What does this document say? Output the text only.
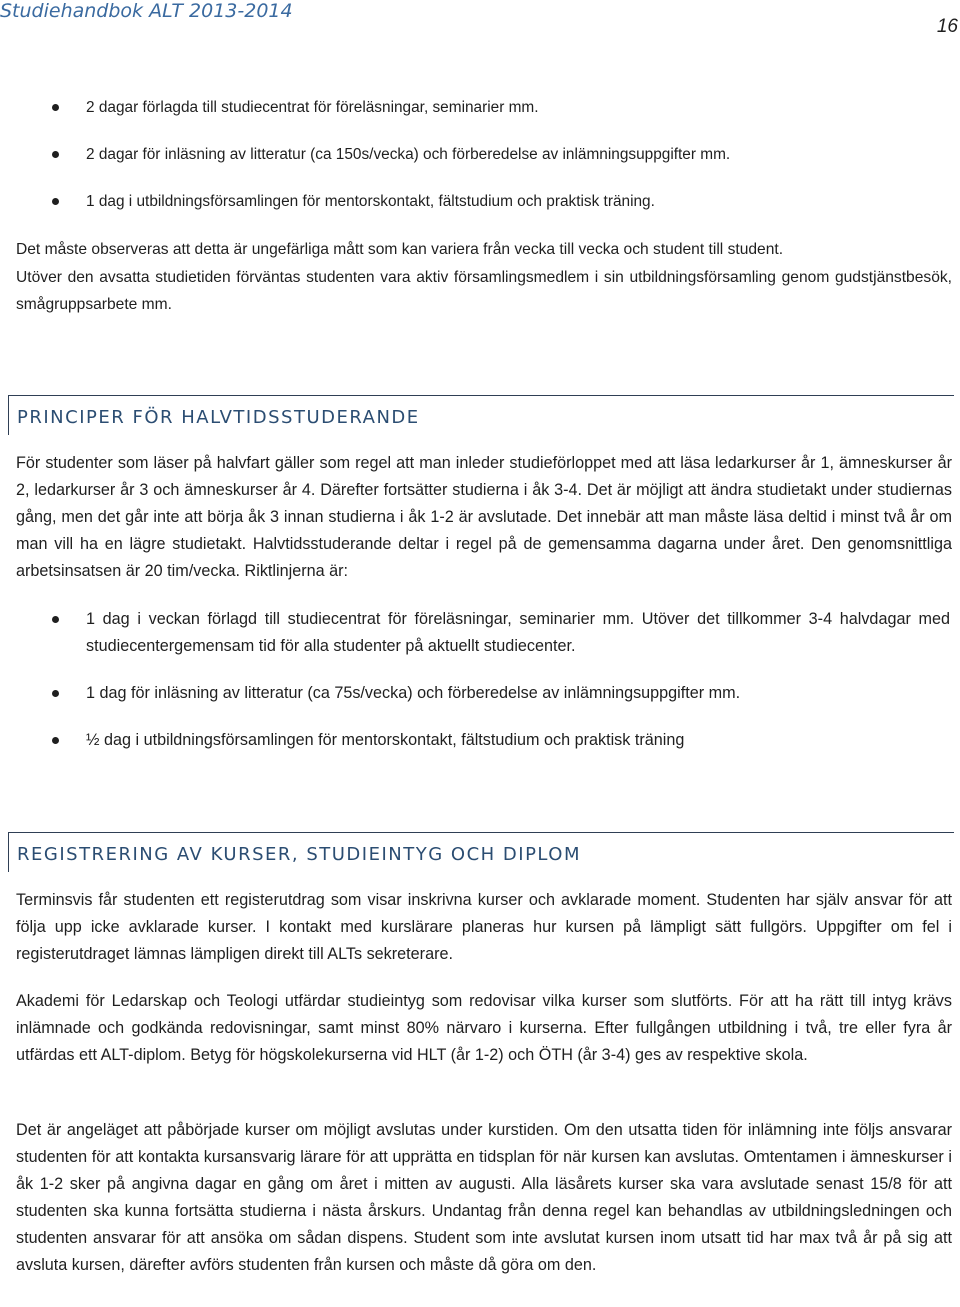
Studiehandbok ALT 2013-2014
16
2 dagar förlagda till studiecentrat för föreläsningar, seminarier mm.
2 dagar för inläsning av litteratur (ca 150s/vecka) och förberedelse av inlämningsuppgifter mm.
1 dag i utbildningsförsamlingen för mentorskontakt, fältstudium och praktisk träning.

Det måste observeras att detta är ungefärliga mått som kan variera från vecka till vecka och student till student.

Utöver den avsatta studietiden förväntas studenten vara aktiv församlingsmedlem i sin utbildningsförsamling genom gudstjänstbesök, smågruppsarbete mm.

PRINCIPER FÖR HALVTIDSSTUDERANDE

För studenter som läser på halvfart gäller som regel att man inleder studieförloppet med att läsa ledarkurser år 1, ämneskurser år 2, ledarkurser år 3 och ämneskurser år 4. Därefter fortsätter studierna i åk 3-4. Det är möjligt att ändra studietakt under studiernas gång, men det går inte att börja åk 3 innan studierna i åk 1-2 är avslutade. Det innebär att man måste läsa deltid i minst två år om man vill ha en lägre studietakt. Halvtidsstuderande deltar i regel på de gemensamma dagarna under året. Den genomsnittliga arbetsinsatsen är 20 tim/vecka. Riktlinjerna är:

1 dag i veckan förlagd till studiecentrat för föreläsningar, seminarier mm. Utöver det tillkommer 3-4 halvdagar med studiecentergemensam tid för alla studenter på aktuellt studiecenter.
1 dag för inläsning av litteratur (ca 75s/vecka) och förberedelse av inlämningsuppgifter mm.
½ dag i utbildningsförsamlingen för mentorskontakt, fältstudium och praktisk träning
REGISTRERING AV KURSER, STUDIEINTYG OCH DIPLOM

Terminsvis får studenten ett registerutdrag som visar inskrivna kurser och avklarade moment. Studenten har själv ansvar för att följa upp icke avklarade kurser. I kontakt med kurslärare planeras hur kursen på lämpligt sätt fullgörs. Uppgifter om fel i registerutdraget lämnas lämpligen direkt till ALTs sekreterare.

Akademi för Ledarskap och Teologi utfärdar studieintyg som redovisar vilka kurser som slutförts. För att ha rätt till intyg krävs inlämnade och godkända redovisningar, samt minst 80% närvaro i kurserna. Efter fullgången utbildning i två, tre eller fyra år utfärdas ett ALT-diplom. Betyg för högskolekurserna vid HLT (år 1-2) och ÖTH (år 3-4) ges av respektive skola.

Det är angeläget att påbörjade kurser om möjligt avslutas under kurstiden. Om den utsatta tiden för inlämning inte följs ansvarar studenten för att kontakta kursansvarig lärare för att upprätta en tidsplan för när kursen kan avslutas. Omtentamen i ämneskurser i åk 1-2 sker på angivna dagar en gång om året i mitten av augusti. Alla läsårets kurser ska vara avslutade senast 15/8 för att studenten ska kunna fortsätta studierna i nästa årskurs. Undantag från denna regel kan behandlas av utbildningsledningen och studenten ansvarar för att ansöka om sådan dispens. Student som inte avslutat kursen inom utsatt tid har max två år på sig att avsluta kursen, därefter avförs studenten från kursen och måste då göra om den.
